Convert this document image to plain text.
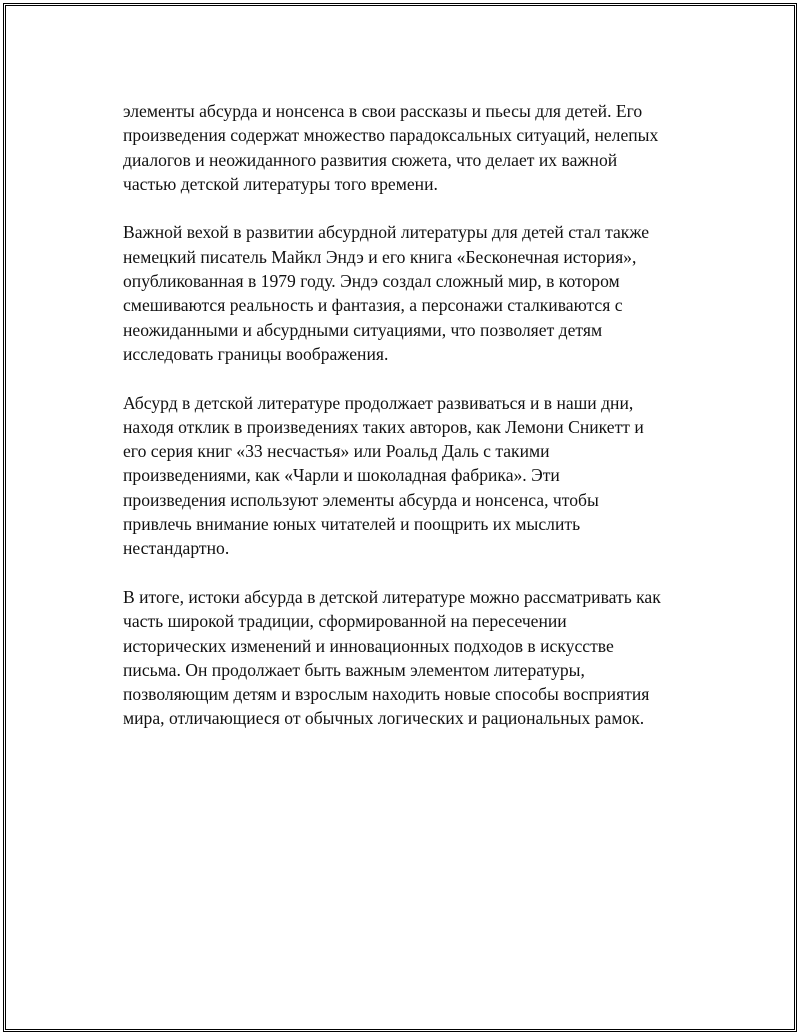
элементы абсурда и нонсенса в свои рассказы и пьесы для детей. Его
произведения содержат множество парадоксальных ситуаций, нелепых
диалогов и неожиданного развития сюжета, что делает их важной
частью детской литературы того времени.

Важной вехой в развитии абсурдной литературы для детей стал также
немецкий писатель Майкл Эндэ и его книга «Бесконечная история»,
опубликованная в 1979 году. Эндэ создал сложный мир, в котором
смешиваются реальность и фантазия, а персонажи сталкиваются с
неожиданными и абсурдными ситуациями, что позволяет детям
исследовать границы воображения.

Абсурд в детской литературе продолжает развиваться и в наши дни,
находя отклик в произведениях таких авторов, как Лемони Сникетт и
его серия книг «33 несчастья» или Роальд Даль с такими
произведениями, как «Чарли и шоколадная фабрика». Эти
произведения используют элементы абсурда и нонсенса, чтобы
привлечь внимание юных читателей и поощрить их мыслить
нестандартно.

В итоге, истоки абсурда в детской литературе можно рассматривать как
часть широкой традиции, сформированной на пересечении
исторических изменений и инновационных подходов в искусстве
письма. Он продолжает быть важным элементом литературы,
позволяющим детям и взрослым находить новые способы восприятия
мира, отличающиеся от обычных логических и рациональных рамок.
